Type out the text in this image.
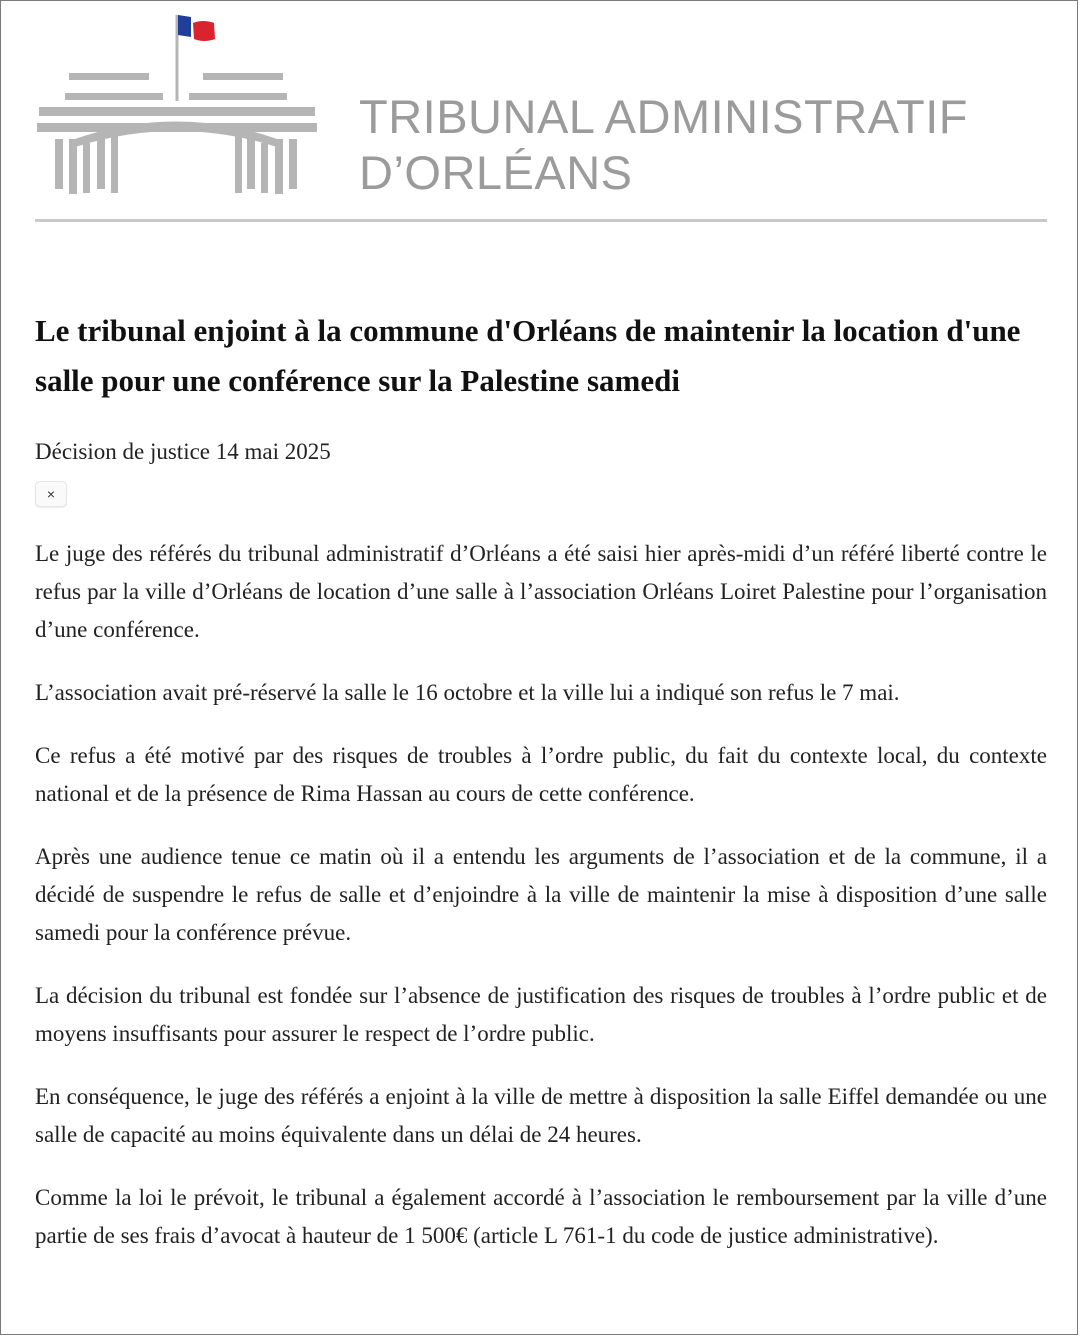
TRIBUNAL ADMINISTRATIF
D’ORLÉANS
Le tribunal enjoint à la commune d'Orléans de maintenir la location d'une salle pour une conférence sur la Palestine samedi
Décision de justice 14 mai 2025
×

Le juge des référés du tribunal administratif d’Orléans a été saisi hier après-midi d’un référé liberté contre le refus par la ville d’Orléans de location d’une salle à l’association Orléans Loiret Palestine pour l’organisation d’une conférence.

L’association avait pré-réservé la salle le 16 octobre et la ville lui a indiqué son refus le 7 mai.

Ce refus a été motivé par des risques de troubles à l’ordre public, du fait du contexte local, du contexte national et de la présence de Rima Hassan au cours de cette conférence.

Après une audience tenue ce matin où il a entendu les arguments de l’association et de la commune, il a décidé de suspendre le refus de salle et d’enjoindre à la ville de maintenir la mise à disposition d’une salle samedi pour la conférence prévue.

La décision du tribunal est fondée sur l’absence de justification des risques de troubles à l’ordre public et de moyens insuffisants pour assurer le respect de l’ordre public.

En conséquence, le juge des référés a enjoint à la ville de mettre à disposition la salle Eiffel demandée ou une salle de capacité au moins équivalente dans un délai de 24 heures.

Comme la loi le prévoit, le tribunal a également accordé à l’association le remboursement par la ville d’une partie de ses frais d’avocat à hauteur de 1 500€ (article L 761-1 du code de justice administrative).
